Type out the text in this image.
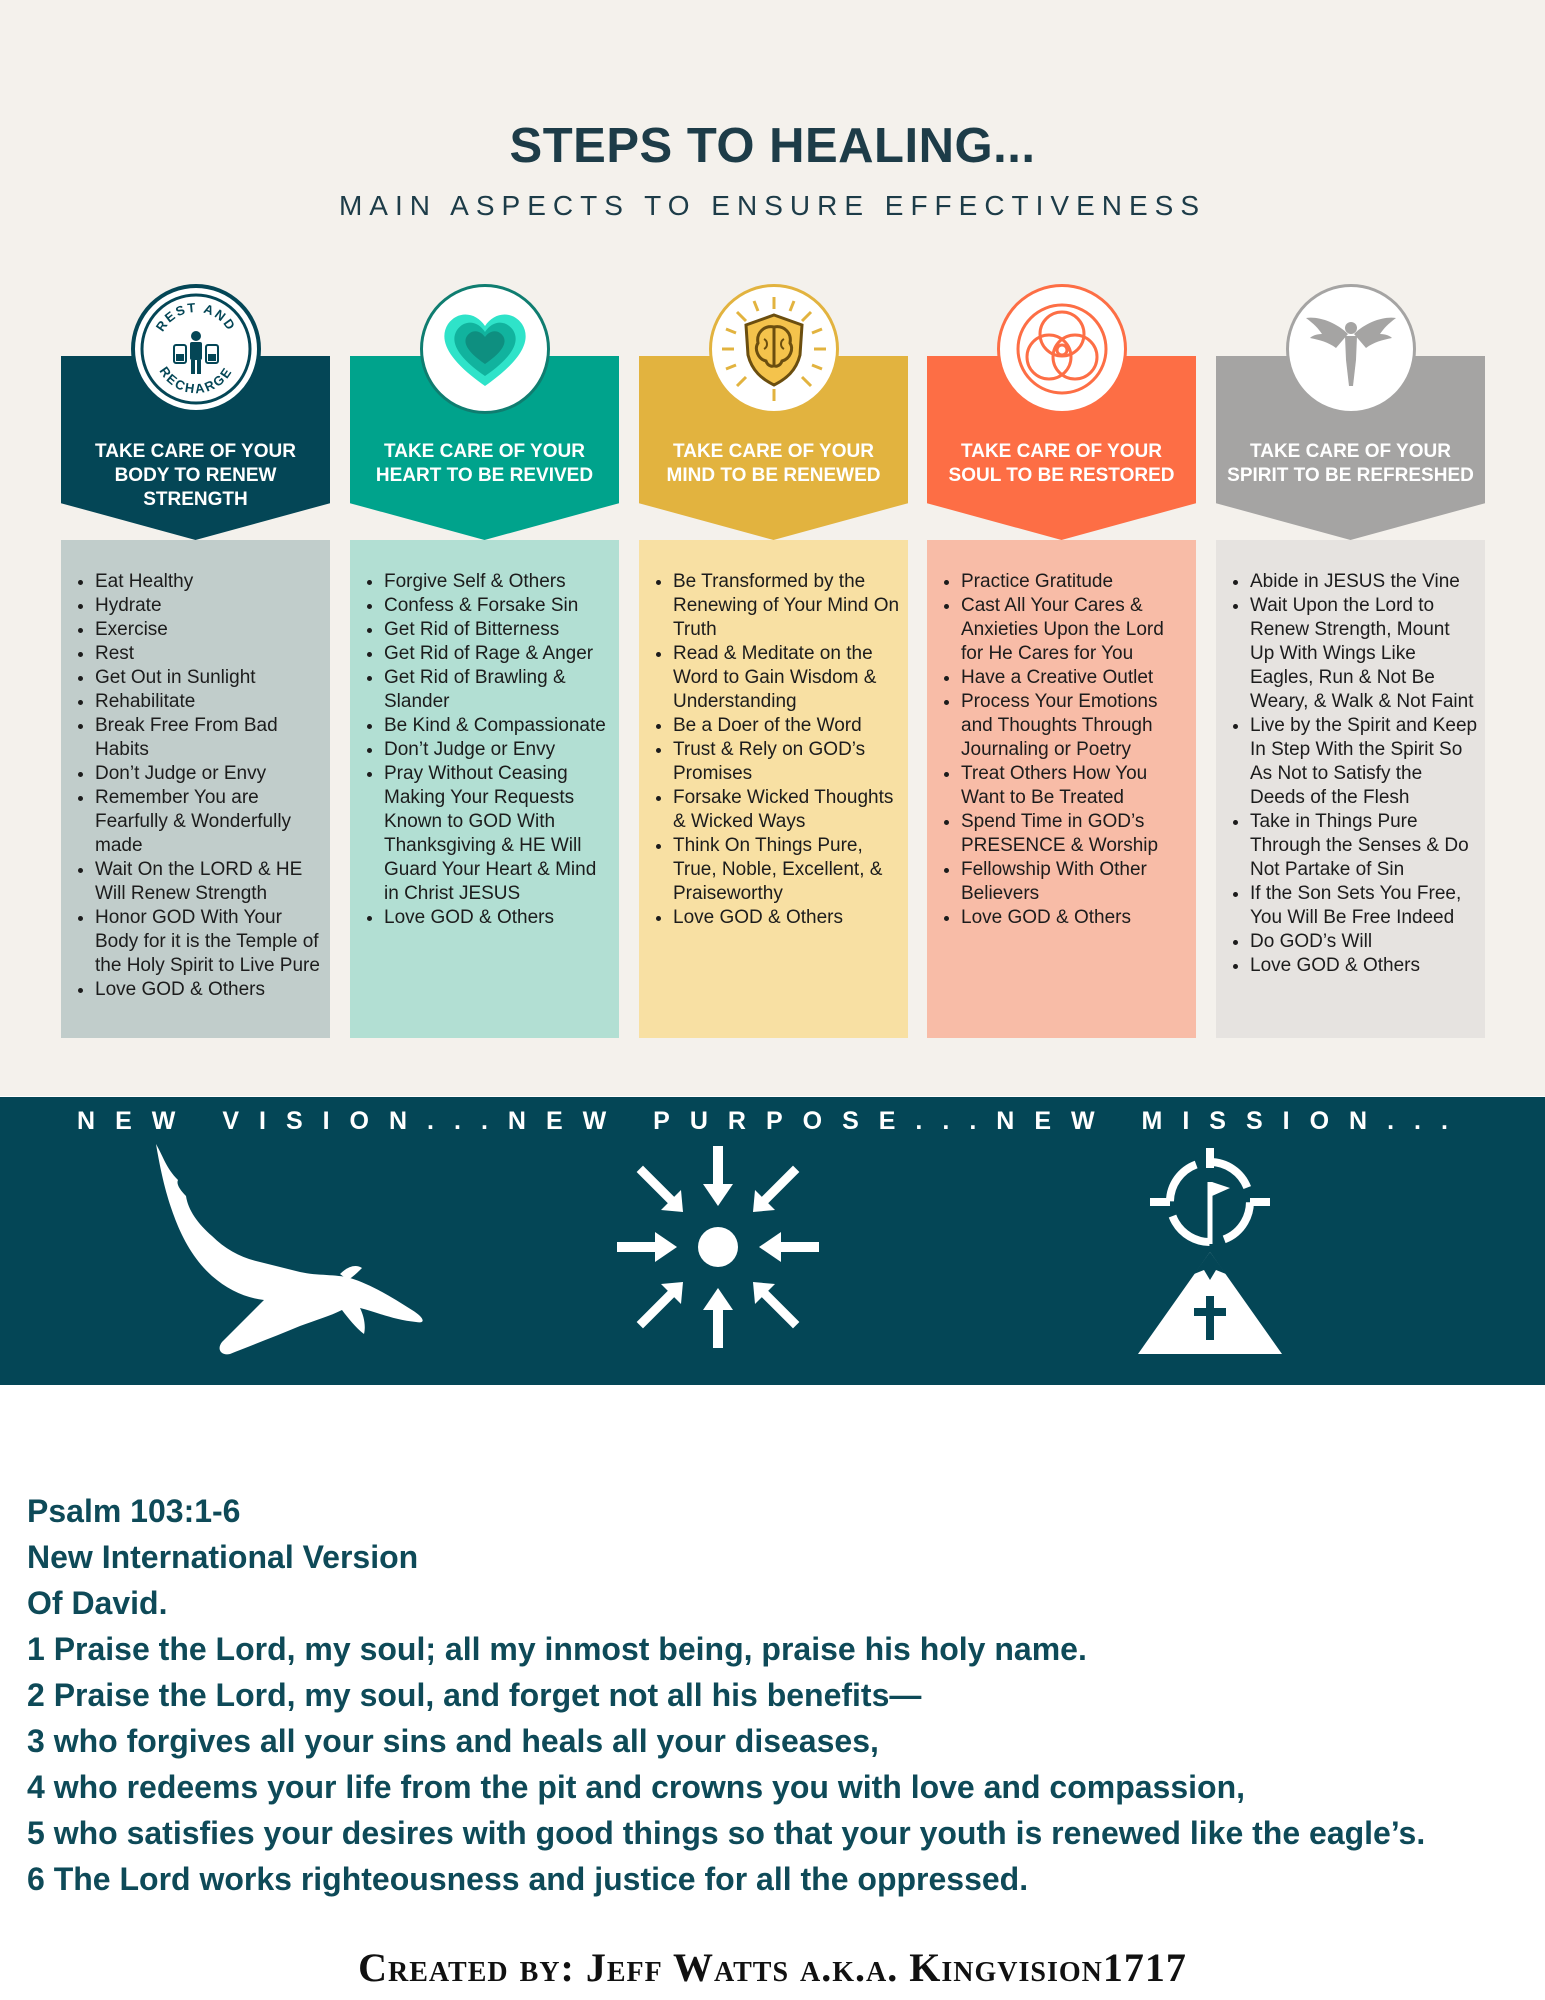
STEPS TO HEALING...
MAIN ASPECTS TO ENSURE EFFECTIVENESS
TAKE CARE OF YOUR BODY TO RENEW STRENGTH
• Eat Healthy
• Hydrate
• Exercise
• Rest
• Get Out in Sunlight
• Rehabilitate
• Break Free From Bad Habits
• Don’t Judge or Envy
• Remember You are Fearfully & Wonderfully made
• Wait On the LORD & HE Will Renew Strength
• Honor GOD With Your Body for it is the Temple of the Holy Spirit to Live Pure
• Love GOD & Others
REST AND
RECHARGE
TAKE CARE OF YOUR HEART TO BE REVIVED
• Forgive Self & Others
• Confess & Forsake Sin
• Get Rid of Bitterness
• Get Rid of Rage & Anger
• Get Rid of Brawling & Slander
• Be Kind & Compassionate
• Don’t Judge or Envy
• Pray Without Ceasing Making Your Requests Known to GOD With Thanksgiving & HE Will Guard Your Heart & Mind in Christ JESUS
• Love GOD & Others
TAKE CARE OF YOUR MIND TO BE RENEWED
• Be Transformed by the Renewing of Your Mind On Truth
• Read & Meditate on the Word to Gain Wisdom & Understanding
• Be a Doer of the Word
• Trust & Rely on GOD’s Promises
• Forsake Wicked Thoughts & Wicked Ways
• Think On Things Pure, True, Noble, Excellent, & Praiseworthy
• Love GOD & Others
TAKE CARE OF YOUR SOUL TO BE RESTORED
• Practice Gratitude
• Cast All Your Cares & Anxieties Upon the Lord for He Cares for You
• Have a Creative Outlet
• Process Your Emotions and Thoughts Through Journaling or Poetry
• Treat Others How You Want to Be Treated
• Spend Time in GOD’s PRESENCE & Worship
• Fellowship With Other Believers
• Love GOD & Others
TAKE CARE OF YOUR SPIRIT TO BE REFRESHED
• Abide in JESUS the Vine
• Wait Upon the Lord to Renew Strength, Mount Up With Wings Like Eagles, Run & Not Be Weary, & Walk & Not Faint
• Live by the Spirit and Keep In Step With the Spirit So As Not to Satisfy the Deeds of the Flesh
• Take in Things Pure Through the Senses & Do Not Partake of Sin
• If the Son Sets You Free, You Will Be Free Indeed
• Do GOD’s Will
• Love GOD & Others
NEW VISION...NEW PURPOSE...NEW MISSION...
Psalm 103:1-6
New International Version
Of David.
1 Praise the Lord, my soul; all my inmost being, praise his holy name.
2 Praise the Lord, my soul, and forget not all his benefits—
3 who forgives all your sins and heals all your diseases,
4 who redeems your life from the pit and crowns you with love and compassion,
5 who satisfies your desires with good things so that your youth is renewed like the eagle’s.
6 The Lord works righteousness and justice for all the oppressed.
Created by: Jeff Watts a.k.a. Kingvision1717
